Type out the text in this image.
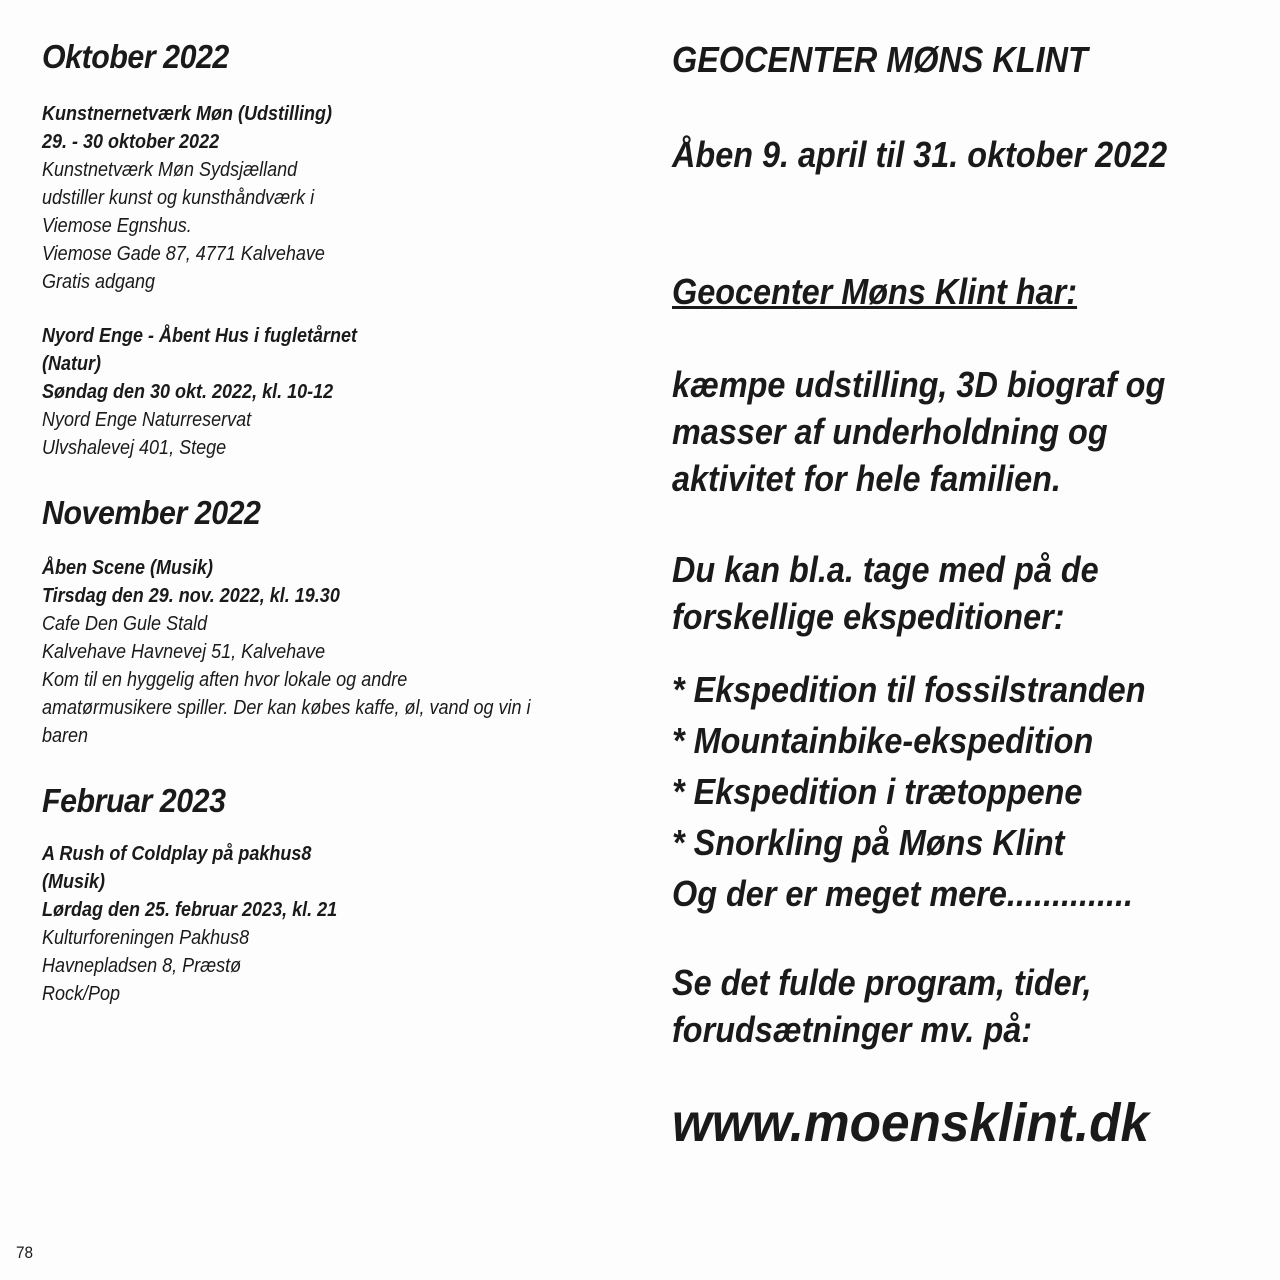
Oktober 2022
Kunstnernetværk Møn (Udstilling)
29. - 30 oktober 2022
Kunstnetværk Møn Sydsjælland
udstiller kunst og kunsthåndværk i
Viemose Egnshus.
Viemose Gade 87, 4771 Kalvehave
Gratis adgang
Nyord Enge - Åbent Hus i fugletårnet
(Natur)
Søndag den 30 okt. 2022, kl. 10-12
Nyord Enge Naturreservat
Ulvshalevej 401, Stege
November 2022
Åben Scene (Musik)
Tirsdag den 29. nov. 2022, kl. 19.30
Cafe Den Gule Stald
Kalvehave Havnevej 51, Kalvehave
Kom til en hyggelig aften hvor lokale og andre
amatørmusikere spiller. Der kan købes kaffe, øl, vand og vin i
baren
Februar 2023
A Rush of Coldplay på pakhus8
(Musik)
Lørdag den 25. februar 2023, kl. 21
Kulturforeningen Pakhus8
Havnepladsen 8, Præstø
Rock/Pop

GEOCENTER MØNS KLINT

Åben 9. april til 31. oktober 2022

Geocenter Møns Klint har:

kæmpe udstilling, 3D biograf og

masser af underholdning og

aktivitet for hele familien.

Du kan bl.a. tage med på de

forskellige ekspeditioner:

* Ekspedition til fossilstranden

* Mountainbike-ekspedition

* Ekspedition i trætoppene

* Snorkling på Møns Klint

Og der er meget mere..............

Se det fulde program, tider,

forudsætninger mv. på:

www.moensklint.dk

78
